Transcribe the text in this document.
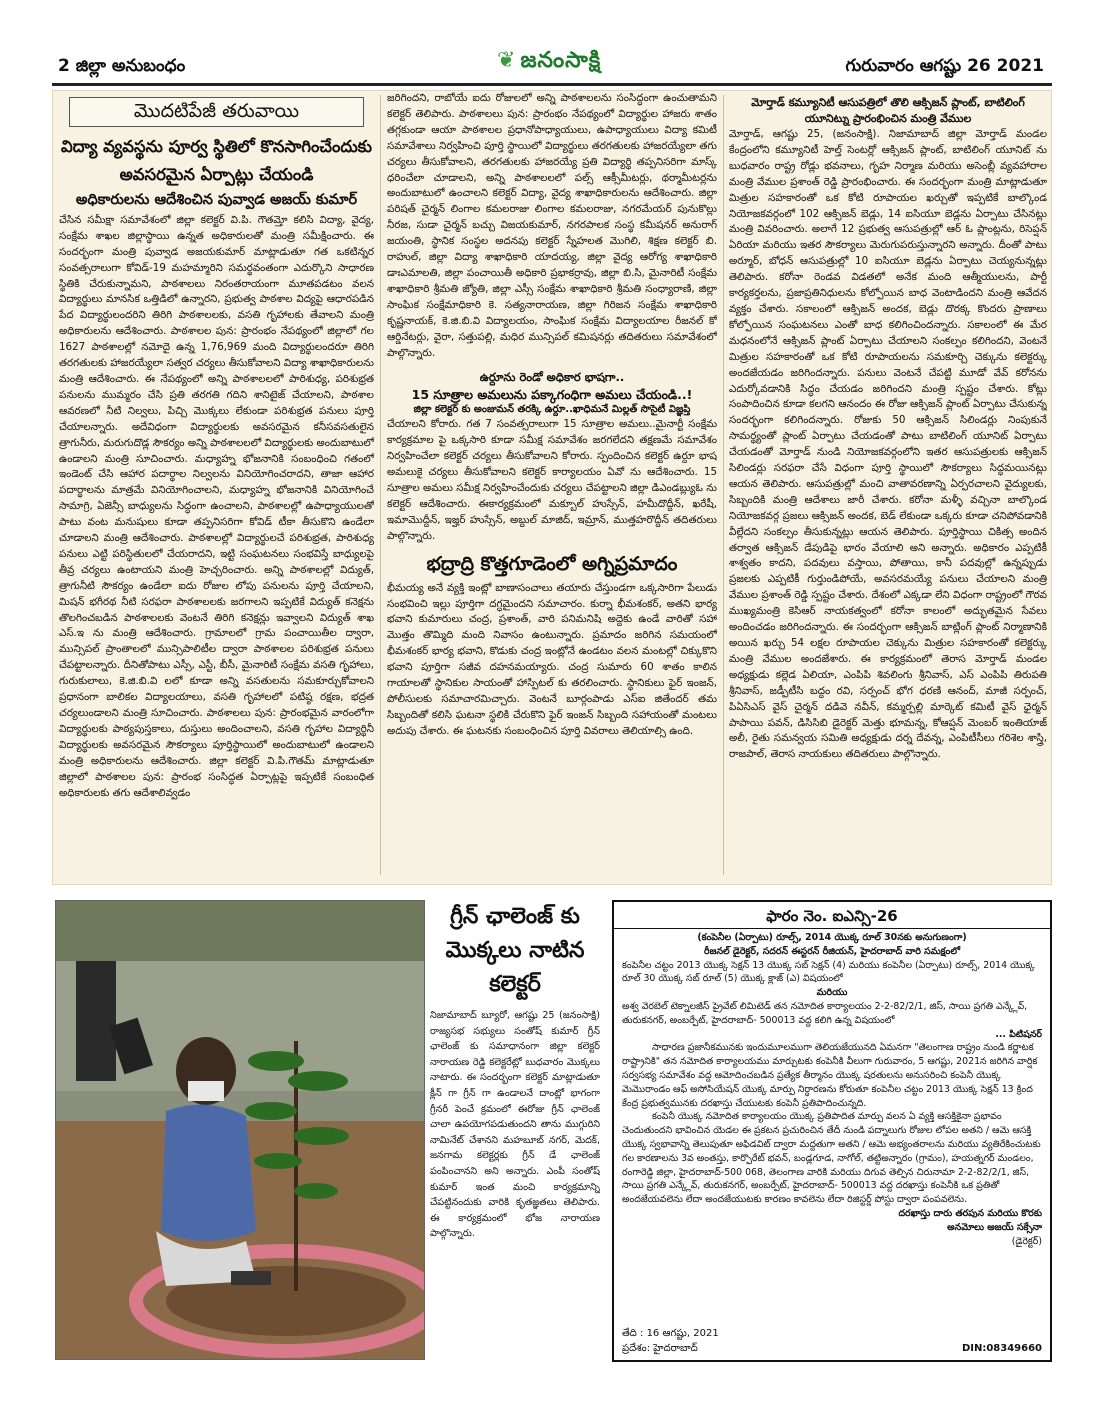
2 జిల్లా అనుబంధం	❦ జనంసాక్షి	గురువారం ఆగష్టు 26 2021
మొదటిపేజీ తరువాయి
విద్యా వ్యవస్థను పూర్వ స్థితిలో కొనసాగించేందుకు
అవసరమైన ఏర్పాట్లు చేయండి
అధికారులను ఆదేశించిన పువ్వాడ అజయ్ కుమార్

చేసిన సమీక్షా సమావేశంలో జిల్లా కలెక్టర్ వి.పి. గౌతమ్తో కలిసి విద్యా, వైద్య, సంక్షేమ శాఖల జిల్లాస్థాయి ఉన్నత అధికారులతో మంత్రి సమీక్షించారు. ఈ సందర్భంగా మంత్రి పువ్వాడ అజయకుమార్ మాట్లాడుతూ గత ఒకటిన్నర సంవత్సరాలుగా కోవిడ్-19 మహమ్మారిని సమర్థవంతంగా ఎదుర్కొని సాధారణ స్థితికి చేరుకున్నామని, పాఠశాలలు నిరంతరాయంగా మూతపడటం వలన విద్యార్థులు మానసిక ఒత్తిడిలో ఉన్నారని, ప్రభుత్వ పాఠశాల విద్యపై ఆధారపడిన పేద విద్యార్థులందరిని తిరిగి పాఠశాలలకు, వసతి గృహాలకు తేవాలని మంత్రి అధికారులను ఆదేశించారు. పాఠశాలల పున: ప్రారంభం నేపథ్యంలో జిల్లాలో గల 1627 పాఠశాలల్లో నమోదై ఉన్న 1,76,969 మంది విద్యార్థులందరూ తిరిగి తరగతులకు హాజరయ్యేలా సత్వర చర్యలు తీసుకోవాలని విద్యా శాఖాధికారులను మంత్రి ఆదేశించారు. ఈ నేపథ్యంలో అన్ని పాఠశాలలలో పారిశుధ్య, పరిశుభ్రత పనులను ముమ్మరం చేసి ప్రతి తరగతి గదిని శానిటైజ్ చేయాలని, పాఠశాల ఆవరణలో నీటి నిల్వలు, పిచ్చి మొక్కలు లేకుండా పరిశుభ్రత పనులు పూర్తి చేయాలన్నారు. అదేవిధంగా విద్యార్థులకు అవసరమైన కనీసవసతులైన త్రాగునీరు, మరుగుదొడ్ల సౌకర్యం అన్ని పాఠశాలలలో విద్యార్థులకు అందుబాటులో ఉండాలని మంత్రి సూచించారు. మధ్యాహ్న భోజనానికి సంబంధించి గతంలో ఇండెంట్ చేసి ఆహార పదార్థాల నిల్వలను వినియోగించరాదని, తాజా ఆహార పదార్థాలను మాత్రమే వినియోగించాలని, మధ్యాహ్న భోజనానికి వినియోగించే సామాగ్రి, ఏజెన్సీ బాధ్యులను సిద్ధంగా ఉంచాలని, పాఠశాలల్లో ఉపాధ్యాయులతో పాటు వంట మనుషులు కూడా తప్పనిసరిగా కోవిడ్ టీకా తీసుకొని ఉండేలా చూడాలని మంత్రి ఆదేశించారు. పాఠశాలల్లో విద్యార్థులచే పరిశుభ్రత, పారిశుధ్య పనులు ఎట్టి పరిస్థితులలో చేయరాదని, ఇట్టి సంఘటనలు సంభవిస్తే బాధ్యులపై తీవ్ర చర్యలు ఉంటాయని మంత్రి హెచ్చరించారు. అన్ని పాఠశాలల్లో విద్యుత్, త్రాగునీటి సౌకర్యం ఉండేలా ఐదు రోజుల లోపు పనులను పూర్తి చేయాలని, మిషన్ భగీరథ నీటి సరఫరా పాఠశాలలకు జరగాలని ఇప్పటికే విద్యుత్ కనెక్షను తొలగించబడిన పాఠశాలలకు వెంటనే తిరిగి కనెక్షన్లు ఇవ్వాలని విద్యుత్ శాఖ ఎస్.ఇ ను మంత్రి ఆదేశించారు. గ్రామాలలో గ్రామ పంచాయితీల ద్వారా, మున్సిపల్ ప్రాంతాలలో మున్సిపాలిటీల ద్వారా పాఠశాలల పరిశుభ్రత పనులు చేపట్టాలన్నారు. దీనితోపాటు ఎస్సీ, ఎస్టీ, బీసీ, మైనారిటీ సంక్షేమ వసతి గృహాలు, గురుకులాలు, కె.జి.బి.వి లలో కూడా అన్ని వసతులను సమకూర్చుకోవాలని ప్రధానంగా బాలికల విద్యాలయాలు, వసతి గృహాలలో పటిష్ఠ రక్షణ, భద్రత చర్యలుండాలని మంత్రి సూచించారు. పాఠశాలలు పున: ప్రారంభమైన వారంలోగా విద్యార్థులకు పాఠ్యపుస్తకాలు, దుస్తులు అందించాలని, వసతి గృహాల విద్యార్థినీ విద్యార్థులకు అవసరమైన సౌకర్యాలు పూర్తిస్థాయిలో అందుబాటులో ఉండాలని మంత్రి అధికారులను ఆదేశించారు. జిల్లా కలెక్టర్ వి.పి.గౌతమ్ మాట్లాడుతూ జిల్లాలో పాఠశాలల పున: ప్రారంభ సంసిద్ధత ఏర్పాట్లపై ఇప్పటికే సంబంధిత అధికారులకు తగు ఆదేశాలివ్వడం

జరిగిందని, రాబోయే ఐదు రోజులలో అన్ని పాఠశాలలను సంసిద్ధంగా ఉంచుతామని కలెక్టర్ తెలిపారు. పాఠశాలలు పున: ప్రారంభం నేపథ్యంలో విద్యార్థుల హాజరు శాతం తగ్గకుండా ఆయా పాఠశాలల ప్రధానోపాధ్యాయులు, ఉపాధ్యాయులు విద్యా కమిటీ సమావేశాలు నిర్వహించి పూర్తి స్థాయిలో విద్యార్థులు తరగతులకు హాజరయ్యేలా తగు చర్యలు తీసుకోవాలని, తరగతులకు హాజరయ్యే ప్రతి విద్యార్థి తప్పనిసరిగా మాస్క్ ధరించేలా చూడాలని, అన్ని పాఠశాలలలో పల్స్ ఆక్సీమీటర్లు, థర్మామీటర్లను అందుబాటులో ఉంచాలని కలెక్టర్ విద్యా, వైద్య శాఖాధికారులను ఆదేశించారు. జిల్లా పరిషత్ చైర్మన్ లింగాల కమలరాజు లింగాల కమలరాజు, నగరమేయర్ పునుకొల్లు నీరజ, సుడా చైర్మన్ బచ్చు విజయకుమార్, నగరపాలక సంస్థ కమీషనర్ అనురాగ్ జయంతి, స్థానిక సంస్థల అదనపు కలెక్టర్ స్నేహలత మొగిలి, శిక్షణ కలెక్టర్ బి. రాహుల్, జిల్లా విద్యా శాఖాధికారి యాదయ్య, జిల్లా వైద్య ఆరోగ్య శాఖాధికారి డాఃఎమాలతి, జిల్లా పంచాయితీ అధికారి ప్రభాకర్రావు, జిల్లా బి.సి, మైనారిటీ సంక్షేమ శాఖాధికారి శ్రీమతి జ్యోతి, జిల్లా ఎస్సీ సంక్షేమ శాఖాధికారి శ్రీమతి సంధ్యారాణి, జిల్లా సాంఘిక సంక్షేమాధికారి కె. సత్యనారాయణ, జిల్లా గిరిజన సంక్షేమ శాఖాధికారి కృష్ణనాయక్, కె.జి.బి.వి విద్యాలయం, సాంఘిక సంక్షేమ విద్యాలయాల రీజనల్ కో ఆర్డినేటర్లు, వైరా, సత్తుపల్లి, మధిర మున్సిపల్ కమిషనర్లు తదితరులు సమావేశంలో పాల్గొన్నారు.

ఉర్దూను రెండో అధికార భాషగా..
15 సూత్రాల అమలును పక్కాగంధిగా అమలు చేయండి..!
జిల్లా కలెక్టర్ కు అంజుమన్ తరక్కి ఉర్దూ..ఖాధిమనే మిల్లత్ సొసైటీ విజ్ఞప్తి

చేయాలని కోరారు. గత 7 సంవత్సరాలుగా 15 సూత్రాల అమలు..మైనార్టీ సంక్షేమ కార్యక్రమాల పై ఒక్కసారి కూడా సమీక్ష సమావేశం జరగలేదని తక్షణమే సమావేశం నిర్వహించేలా కలెక్టర్ చర్యలు తీసుకోవాలని కోరారు. స్పందించిన కలెక్టర్ ఉర్దూ భాష అమలుకై చర్యలు తీసుకోవాలని కలెక్టర్ కార్యాలయం ఏవో ను ఆదేశించారు. 15 సూత్రాల అమలు సమీక్ష నిర్వహించేందుకు చర్యలు చేపట్టాలని జిల్లా డిఎండబ్ల్యుఓ ను కలెక్టర్ ఆదేశించారు. ఈకార్యక్రమంలో మక్బూల్ హుస్సేన్, హమీదొద్దీన్, ఖరేషీ, ఇమామొద్దీన్, ఇజ్హర్ హుస్సేన్, అబ్దుల్ మాజిద్, ఇమ్రాన్, ముత్తహరొద్దీన్ తదితరులు పాల్గొన్నారు.

భద్రాద్రి కొత్తగూడెంలో అగ్నిప్రమాదం

భీమయ్య అనే వ్యక్తి ఇంట్లో బాణాసంచాలు తయారు చేస్తుండగా ఒక్కసారిగా పేలుడు సంభవించి ఇల్లు పూర్తిగా దగ్ధమైందని సమాచారం. కుర్నా భీమశంకర్, అతని భార్య భవాని కుమారులు చంద్ర, ప్రశాంత్, వారి పనిమనిషి అద్దెకు ఉండే వారితో సహా మొత్తం తొమ్మిది మంది నివాసం ఉంటున్నారు. ప్రమాదం జరిగిన సమయంలో భీమశంకర్ భార్య భవాని, కొడుకు చంద్ర ఇంట్లోనే ఉండటం వలన మంటల్లో చిక్కుకొని భవాని పూర్తిగా సజీవ దహనమయ్యారు. చంద్ర సుమారు 60 శాతం కాలిన గాయాలతో స్థానికుల సాయంతో హాస్పిటల్ కు తరలించారు. స్థానికులు ఫైర్ ఇంజన్, పోలీసులకు సమాచారమిచ్చారు. వెంటనే బూర్గంపాడు ఎస్ఐ జితేందర్ తమ సిబ్బందితో కలిసి ఘటనా స్థలికి చేరుకొని ఫైర్ ఇంజన్ సిబ్బంది సహాయంతో మంటలు అదుపు చేశారు. ఈ ఘటనకు సంబంధించిన పూర్తి వివరాలు తెలియాల్సి ఉంది.

మోర్తాడ్ కమ్యూనిటీ ఆసుపత్రిలో తొలి ఆక్సిజన్ ప్లాంట్, బాటిలింగ్ యూనిట్ను ప్రారంభించిన మంత్రి వేముల

మోర్తాడ్, ఆగష్టు 25, (జనంసాక్షి). నిజామాబాద్ జిల్లా మోర్తాడ్ మండల కేంద్రంలోని కమ్యూనిటీ హెల్త్ సెంటర్లో ఆక్సిజన్ ప్లాంట్, బాటిలింగ్ యూనిట్ ను బుధవారం రాష్ట్ర రోడ్లు భవనాలు, గృహ నిర్మాణ మరియు అసెంబ్లీ వ్యవహారాల మంత్రి వేముల ప్రశాంత్ రెడ్డి ప్రారంభించారు. ఈ సందర్భంగా మంత్రి మాట్లాడుతూ మిత్రుల సహకారంతో ఒక కోటి రూపాయల ఖర్చుతో ఇప్పటికే బాల్కొండ నియోజకవర్గంలో 102 ఆక్సిజన్ బెడ్లు, 14 ఐసియూ బెడ్లను ఏర్పాటు చేసినట్లు మంత్రి వివరించారు. అలాగే 12 ప్రభుత్వ ఆసుపత్రుల్లో ఆర్ ఓ ప్లాంట్లను, రిసెప్షన్ ఏరియా మరియు ఇతర సౌకర్యాలు మెరుగుపరుస్తున్నారని అన్నారు. దీంతో పాటు అర్మూర్, బోధన్ ఆసుపత్రుల్లో 10 ఐసియూ బెడ్లను ఏర్పాటు చెయ్యనున్నట్లు తెలిపారు. కరోనా రెండవ విడతలో అనేక మంది ఆత్మీయులను, పార్టీ కార్యకర్తలను, ప్రజాప్రతినిధులను కోల్పోయిన బాధ వెంటాడిందని మంత్రి ఆవేదన వ్యక్తం చేశారు. సకాలంలో ఆక్సిజన్ అందక, బెడ్లు దొరక్క కొందరు ప్రాణాలు కోల్పోయిన సంఘటనలు ఎంతో బాధ కలిగించిందన్నారు. సకాలంలో ఈ మేర మధనంలోనే ఆక్సిజన్ ప్లాంట్ ఏర్పాటు చేయాలని సంకల్పం కలిగిందని, వెంటనే మిత్రుల సహకారంతో ఒక కోటి రూపాయలను సమకూర్చి చెక్కును కలెక్టర్కు అందజేయడం జరిగిందన్నారు. పనులు వెంటనే చేపట్టి మూడో వేవ్ కరోనను ఎదుర్కోవడానికి సిద్ధం చేయడం జరిగిందని మంత్రి స్పష్టం చేశారు. కోట్లు సంపాదించిన కూడా కలగని ఆనందం ఈ రోజు ఆక్సిజన్ ప్లాంట్ ఏర్పాటు చేసుకున్న సందర్భంగా కలిగిందన్నారు. రోజుకు 50 ఆక్సిజన్ సిలిండర్లు నింపుకునే సామర్థ్యంతో ప్లాంట్ ఏర్పాటు చేయడంతో పాటు బాటిలింగ్ యూనిట్ ఏర్పాటు చేయడంతో మోర్తాడ్ నుండి నియోజకవర్గంలోని ఇతర ఆసుపత్రులకు ఆక్సిజన్ సిలిండర్లు సరఫరా చేసే విధంగా పూర్తి స్థాయిలో సౌకర్యాలు సిద్ధమయినట్లు ఆయన తెలిపారు. ఆసుపత్రుల్లో మంచి వాతావరణాన్ని ఏర్పరచాలని వైద్యులకు, సిబ్బందికి మంత్రి ఆదేశాలు జారీ చేశారు. కరోనా మళ్ళీ వచ్చినా బాల్కొండ నియోజకవర్గ ప్రజలు ఆక్సిజన్ అందక, బెడ్ లేకుండా ఒక్కరు కూడా చనిపోవడానికి వీల్లేదని సంకల్పం తీసుకున్నట్లు ఆయన తెలిపారు. పూర్తిస్థాయి చికిత్స అందిన తర్వాత ఆక్సిజన్ డేపుడిపై భారం వేయాలి అని అన్నారు. అధికారం ఎప్పటికీ శాశ్వతం కాదని, పదవులు వస్తాయి, పోతాయి, కానీ పదవుల్లో ఉన్నప్పుడు ప్రజలకు ఎప్పటికీ గుర్తుండిపోయే, అవసరమయ్యే పనులు చేయాలని మంత్రి వేముల ప్రశాంత్ రెడ్డి స్పష్టం చేశారు. దేశంలో ఎక్కడా లేని విధంగా రాష్ట్రంలో గౌరవ ముఖ్యమంత్రి కెసిఆర్ నాయకత్వంలో కరోనా కాలంలో అద్భుతమైన సేవలు అందించడం జరిగిందన్నారు. ఈ సందర్భంగా ఆక్సిజన్ బాట్లింగ్ ప్లాంట్ నిర్మాణానికి అయిన ఖర్చు 54 లక్షల రూపాయల చెక్కును మిత్రుల సహకారంతో కలెక్టర్కు మంత్రి వేముల అందజేశారు. ఈ కార్యక్రమంలో తెరాస మోర్తాడ్ మండల అధ్యక్షుడు కల్లెడ ఏలియా, ఎంపిపి శివలింగు శ్రీనివాస్, ఎస్ ఎంపిపి తిరుపతి శ్రీనివాస్, జడ్పీటీసి బద్దం రవి, సర్పంచ్ భోగ ధరణి ఆనంద్, మాజీ సర్పంచ్, పిఏసిఎస్ వైస్ చైర్మన్ దడివె నవీన్, కమ్మర్పల్లి మార్కెట్ కమిటీ వైస్ ఛైర్మన్ పాపాయి పవన్, డిసిసిబి డైరెక్టర్ మెత్తు భూమన్న, కోఆప్షన్ మెంబర్ ఇంతియాజ్ అలీ, రైతు సమన్వయ సమితి అధ్యక్షుడు దర్న దేవన్న, ఎంపిటీసీలు గరిశెల శాస్త్రి, రాజపాల్, తెరాస నాయకులు తదితరులు పాల్గొన్నారు.

గ్రీన్ ఛాలెంజ్ కు మొక్కలు నాటిన కలెక్టర్

నిజామాబాద్ బ్యూరో, ఆగష్టు 25 (జనంసాక్షి) రాజ్యసభ సభ్యులు సంతోష్ కుమార్ గ్రీన్ ఛాలెంజ్ కు సమాధానంగా జిల్లా కలెక్టర్ నారాయణ రెడ్డి కలెక్టరేట్లో బుధవారం మొక్కలు నాటారు. ఈ సందర్భంగా కలెక్టర్ మాట్లాడుతూ క్లీన్ గా గ్రీన్ గా ఉండాలనే దాంట్లో భాగంగా గ్రీనరీ పెంచే క్రమంలో ఈరోజు గ్రీన్ ఛాలెంజ్ చాలా ఉపయోగపడుతుందని తాను ముగ్గురిని నామినేట్ చేశానని మహబూబ్ నగర్, మెదక్, జనగామ కలెక్టర్లకు గ్రీన్ డే ఛాలెంజ్ పంపించానని అని అన్నారు. ఎంపీ సంతోష్ కుమార్ ఇంత మంచి కార్యక్రమాన్ని చేపట్టినందుకు వారికి కృతజ్ఞతలు తెలిపారు. ఈ కార్యక్రమంలో భోజ నారాయణ పాల్గొన్నారు.

ఫారం నెం. ఐఎన్సి-26
(కంపెనీల (ఏర్పాటు) రూల్స్, 2014 యొక్క రూల్ 30నకు అనుగుణంగా)
రీజనల్ డైరెక్టర్, సదరన్ ఈస్టరన్ రీజియన్, హైదరాబాద్ వారి సమక్షంలో
కంపెనీల చట్టం 2013 యొక్క సెక్షన్ 13 యొక్క సబ్ సెక్షన్ (4) మరియు కంపెనీల (ఏర్పాటు) రూల్స్, 2014 యొక్క రూల్ 30 యొక్క సబ్ రూల్ (5) యొక్క క్లాజ్ (ఎ) విషయంలో
మరియు
అశ్వ వెరబెల్ టెక్నాలజీస్ ప్రైవేట్ లిమిటెడ్ తన నమోదిత కార్యాలయం 2-2-82/2/1, జిస్, సాయి ప్రగతి ఎన్క్లేవ్, తురుకనగర్, అంబర్పేట్, హైదరాబాద్- 500013 వద్ద కలిగి ఉన్న విషయంలో
... పిటిషనర్
సాధారణ ప్రజానీకమునకు ఇందుమూలముగా తెలియజేయునది ఏమనగా "తెలంగాణ రాష్ట్రం నుండి కర్ణాటక రాష్ట్రానికి" తన నమోదిత కార్యాలయము మార్చుటకు కంపెనీకి వీలుగా గురువారం, 5 ఆగష్టు, 2021న జరిగిన వార్షిక సర్వసభ్య సమావేశం వద్ద ఆమోదించబడిన ప్రత్యేక తీర్మానం యొక్క షరతులను అనుసరించి కంపెనీ యొక్క మెమొరాండం ఆఫ్ అసోసియేషన్ యొక్క మార్పు నిర్ధారణను కోరుతూ కంపెనీల చట్టం 2013 యొక్క సెక్షన్ 13 క్రింద కేంద్ర ప్రభుత్వమునకు దరఖాస్తు చేయుటకు కంపెనీ ప్రతిపాదించున్నది.
కంపెనీ యొక్క నమోదిత కార్యాలయం యొక్క ప్రతిపాదిత మార్పు వలన ఏ వ్యక్తి ఆసక్తికైనా ప్రభావం చెందుతుందని భావించిన యెడల ఈ ప్రకటన ప్రచురించిన తేదీ నుండి పద్నాలుగు రోజుల లోపల అతని / ఆమె ఆసక్తి యొక్క స్వభావాన్ని తెలుపుతూ అఫిడవిట్ ద్వారా మద్దతుగా అతని / ఆమె అభ్యంతరాలను మరియు వ్యతిరేకించుటకు గల కారణాలను 3వ అంతస్తు, కార్పొరేట్ భవన్, బండ్లగూడ, నాగోల్, తట్టిఅన్నారం (గ్రామం), హయత్నగర్ మండలం, రంగారెడ్డి జిల్లా, హైదరాబాద్-500 068, తెలంగాణ వారికి మరియు దిగువ తెల్పిన చిరునామా 2-2-82/2/1, జిస్, సాయి ప్రగతి ఎన్క్లేవ్, తురుకనగర్, అంబర్పేట్, హైదరాబాద్- 500013 వద్ద దరఖాస్తు కంపెనీకి ఒక ప్రతితో అందజేయవలెను లేదా అందజేయుటకు కారణం కావలెను లేదా రిజిస్టర్డ్ పోస్టు ద్వారా పంపవలెను.
దరఖాస్తు దారు తరపున మరియు కొరకు
అనమోలు అజయ్ సక్సేనా
(డైరెక్టర్)
తేది : 16 ఆగష్టు, 2021
ప్రదేశం: హైదరాబాద్	DIN:08349660
